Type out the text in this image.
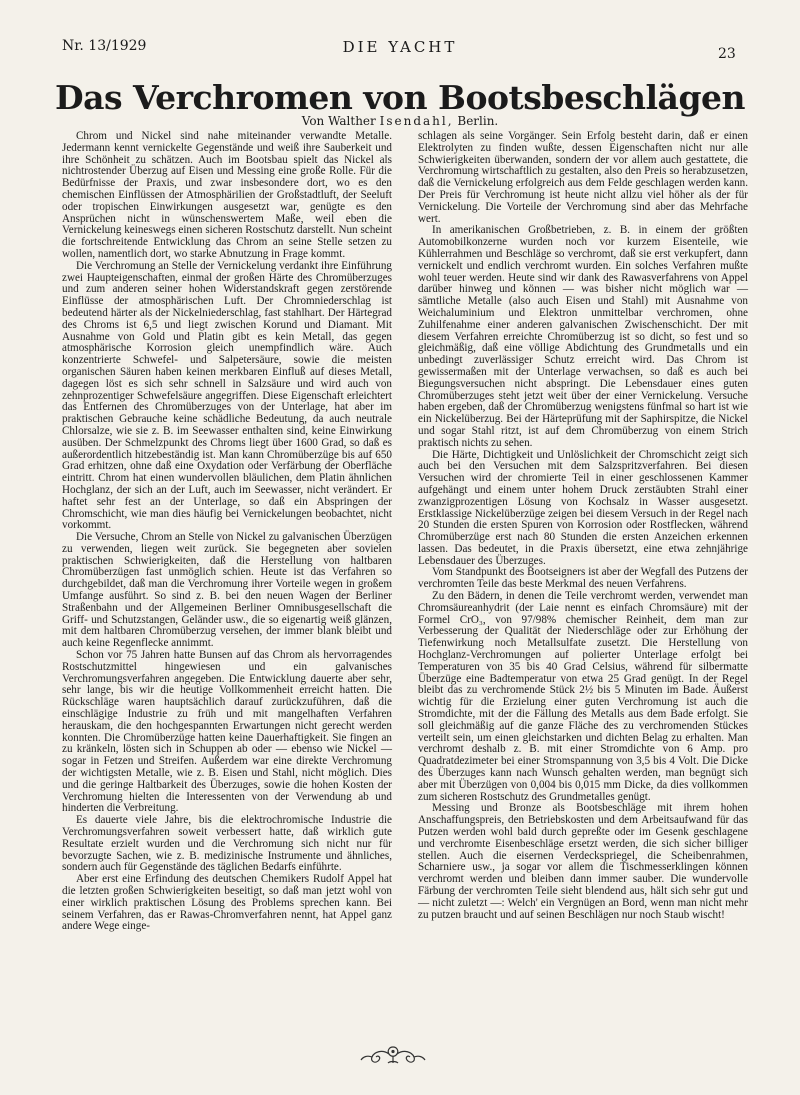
Nr. 13/1929	DIE YACHT	23
Das Verchromen von Bootsbeschlägen
Von Walther Isendahl, Berlin.

Chrom und Nickel sind nahe miteinander verwandte Metalle. Jedermann kennt vernickelte Gegenstände und weiß ihre Sauberkeit und ihre Schönheit zu schätzen. Auch im Bootsbau spielt das Nickel als nichtrostender Überzug auf Eisen und Messing eine große Rolle. Für die Bedürfnisse der Praxis, und zwar insbesondere dort, wo es den chemischen Einflüssen der Atmosphärilien der Großstadtluft, der Seeluft oder tropischen Einwirkungen ausgesetzt war, genügte es den Ansprüchen nicht in wünschenswertem Maße, weil eben die Vernickelung keineswegs einen sicheren Rostschutz darstellt. Nun scheint die fortschreitende Entwicklung das Chrom an seine Stelle setzen zu wollen, namentlich dort, wo starke Abnutzung in Frage kommt.

Die Verchromung an Stelle der Vernickelung verdankt ihre Einführung zwei Haupteigenschaften, einmal der großen Härte des Chromüberzuges und zum anderen seiner hohen Widerstandskraft gegen zerstörende Einflüsse der atmosphärischen Luft. Der Chromniederschlag ist bedeutend härter als der Nickelniederschlag, fast stahlhart. Der Härtegrad des Chroms ist 6,5 und liegt zwischen Korund und Diamant. Mit Ausnahme von Gold und Platin gibt es kein Metall, das gegen atmosphärische Korrosion gleich unempfindlich wäre. Auch konzentrierte Schwefel- und Salpetersäure, sowie die meisten organischen Säuren haben keinen merkbaren Einfluß auf dieses Metall, dagegen löst es sich sehr schnell in Salzsäure und wird auch von zehnprozentiger Schwefelsäure angegriffen. Diese Eigenschaft erleichtert das Entfernen des Chromüberzuges von der Unterlage, hat aber im praktischen Gebrauche keine schädliche Bedeutung, da auch neutrale Chlorsalze, wie sie z. B. im Seewasser enthalten sind, keine Einwirkung ausüben. Der Schmelzpunkt des Chroms liegt über 1600 Grad, so daß es außerordentlich hitzebeständig ist. Man kann Chromüberzüge bis auf 650 Grad erhitzen, ohne daß eine Oxydation oder Verfärbung der Oberfläche eintritt. Chrom hat einen wundervollen bläulichen, dem Platin ähnlichen Hochglanz, der sich an der Luft, auch im Seewasser, nicht verändert. Er haftet sehr fest an der Unterlage, so daß ein Abspringen der Chromschicht, wie man dies häufig bei Vernickelungen beobachtet, nicht vorkommt.

Die Versuche, Chrom an Stelle von Nickel zu galvanischen Überzügen zu verwenden, liegen weit zurück. Sie begegneten aber sovielen praktischen Schwierigkeiten, daß die Herstellung von haltbaren Chromüberzügen fast unmöglich schien. Heute ist das Verfahren so durchgebildet, daß man die Verchromung ihrer Vorteile wegen in großem Umfange ausführt. So sind z. B. bei den neuen Wagen der Berliner Straßenbahn und der Allgemeinen Berliner Omnibusgesellschaft die Griff- und Schutzstangen, Geländer usw., die so eigenartig weiß glänzen, mit dem haltbaren Chromüberzug versehen, der immer blank bleibt und auch keine Regenflecke annimmt.

Schon vor 75 Jahren hatte Bunsen auf das Chrom als hervorragendes Rostschutzmittel hingewiesen und ein galvanisches Verchromungsverfahren angegeben. Die Entwicklung dauerte aber sehr, sehr lange, bis wir die heutige Vollkommenheit erreicht hatten. Die Rückschläge waren hauptsächlich darauf zurückzuführen, daß die einschlägige Industrie zu früh und mit mangelhaften Verfahren herauskam, die den hochgespannten Erwartungen nicht gerecht werden konnten. Die Chromüberzüge hatten keine Dauerhaftigkeit. Sie fingen an zu kränkeln, lösten sich in Schuppen ab oder — ebenso wie Nickel — sogar in Fetzen und Streifen. Außerdem war eine direkte Verchromung der wichtigsten Metalle, wie z. B. Eisen und Stahl, nicht möglich. Dies und die geringe Haltbarkeit des Überzuges, sowie die hohen Kosten der Verchromung hielten die Interessenten von der Verwendung ab und hinderten die Verbreitung.

Es dauerte viele Jahre, bis die elektrochromische Industrie die Verchromungsverfahren soweit verbessert hatte, daß wirklich gute Resultate erzielt wurden und die Verchromung sich nicht nur für bevorzugte Sachen, wie z. B. medizinische Instrumente und ähnliches, sondern auch für Gegenstände des täglichen Bedarfs einführte.

Aber erst eine Erfindung des deutschen Chemikers Rudolf Appel hat die letzten großen Schwierigkeiten beseitigt, so daß man jetzt wohl von einer wirklich praktischen Lösung des Problems sprechen kann. Bei seinem Verfahren, das er Rawas-Chromverfahren nennt, hat Appel ganz andere Wege einge-

schlagen als seine Vorgänger. Sein Erfolg besteht darin, daß er einen Elektrolyten zu finden wußte, dessen Eigenschaften nicht nur alle Schwierigkeiten überwanden, sondern der vor allem auch gestattete, die Verchromung wirtschaftlich zu gestalten, also den Preis so herabzusetzen, daß die Vernickelung erfolgreich aus dem Felde geschlagen werden kann. Der Preis für Verchromung ist heute nicht allzu viel höher als der für Vernickelung. Die Vorteile der Verchromung sind aber das Mehrfache wert.

In amerikanischen Großbetrieben, z. B. in einem der größten Automobilkonzerne wurden noch vor kurzem Eisenteile, wie Kühlerrahmen und Beschläge so verchromt, daß sie erst verkupfert, dann vernickelt und endlich verchromt wurden. Ein solches Verfahren mußte wohl teuer werden. Heute sind wir dank des Rawasverfahrens von Appel darüber hinweg und können — was bisher nicht möglich war — sämtliche Metalle (also auch Eisen und Stahl) mit Ausnahme von Weichaluminium und Elektron unmittelbar verchromen, ohne Zuhilfenahme einer anderen galvanischen Zwischenschicht. Der mit diesem Verfahren erreichte Chromüberzug ist so dicht, so fest und so gleichmäßig, daß eine völlige Abdichtung des Grundmetalls und ein unbedingt zuverlässiger Schutz erreicht wird. Das Chrom ist gewissermaßen mit der Unterlage verwachsen, so daß es auch bei Biegungsversuchen nicht abspringt. Die Lebensdauer eines guten Chromüberzuges steht jetzt weit über der einer Vernickelung. Versuche haben ergeben, daß der Chromüberzug wenigstens fünfmal so hart ist wie ein Nickelüberzug. Bei der Härteprüfung mit der Saphirspitze, die Nickel und sogar Stahl ritzt, ist auf dem Chromüberzug von einem Strich praktisch nichts zu sehen.

Die Härte, Dichtigkeit und Unlöslichkeit der Chromschicht zeigt sich auch bei den Versuchen mit dem Salzspritzverfahren. Bei diesen Versuchen wird der chromierte Teil in einer geschlossenen Kammer aufgehängt und einem unter hohem Druck zerstäubten Strahl einer zwanzigprozentigen Lösung von Kochsalz in Wasser ausgesetzt. Erstklassige Nickelüberzüge zeigen bei diesem Versuch in der Regel nach 20 Stunden die ersten Spuren von Korrosion oder Rostflecken, während Chromüberzüge erst nach 80 Stunden die ersten Anzeichen erkennen lassen. Das bedeutet, in die Praxis übersetzt, eine etwa zehnjährige Lebensdauer des Überzuges.

Vom Standpunkt des Bootseigners ist aber der Wegfall des Putzens der verchromten Teile das beste Merkmal des neuen Verfahrens.

Zu den Bädern, in denen die Teile verchromt werden, verwendet man Chromsäureanhydrit (der Laie nennt es einfach Chromsäure) mit der Formel CrO₃, von 97/98% chemischer Reinheit, dem man zur Verbesserung der Qualität der Niederschläge oder zur Erhöhung der Tiefenwirkung noch Metallsulfate zusetzt. Die Herstellung von Hochglanz-Verchromungen auf polierter Unterlage erfolgt bei Temperaturen von 35 bis 40 Grad Celsius, während für silbermatte Überzüge eine Badtemperatur von etwa 25 Grad genügt. In der Regel bleibt das zu verchromende Stück 2½ bis 5 Minuten im Bade. Äußerst wichtig für die Erzielung einer guten Verchromung ist auch die Stromdichte, mit der die Fällung des Metalls aus dem Bade erfolgt. Sie soll gleichmäßig auf die ganze Fläche des zu verchromenden Stückes verteilt sein, um einen gleichstarken und dichten Belag zu erhalten. Man verchromt deshalb z. B. mit einer Stromdichte von 6 Amp. pro Quadratdezimeter bei einer Stromspannung von 3,5 bis 4 Volt. Die Dicke des Überzuges kann nach Wunsch gehalten werden, man begnügt sich aber mit Überzügen von 0,004 bis 0,015 mm Dicke, da dies vollkommen zum sicheren Rostschutz des Grundmetalles genügt.

Messing und Bronze als Bootsbeschläge mit ihrem hohen Anschaffungspreis, den Betriebskosten und dem Arbeitsaufwand für das Putzen werden wohl bald durch gepreßte oder im Gesenk geschlagene und verchromte Eisenbeschläge ersetzt werden, die sich sicher billiger stellen. Auch die eisernen Verdeckspriegel, die Scheibenrahmen, Scharniere usw., ja sogar vor allem die Tischmesserklingen können verchromt werden und bleiben dann immer sauber. Die wundervolle Färbung der verchromten Teile sieht blendend aus, hält sich sehr gut und — nicht zuletzt —: Welch' ein Vergnügen an Bord, wenn man nicht mehr zu putzen braucht und auf seinen Beschlägen nur noch Staub wischt!
